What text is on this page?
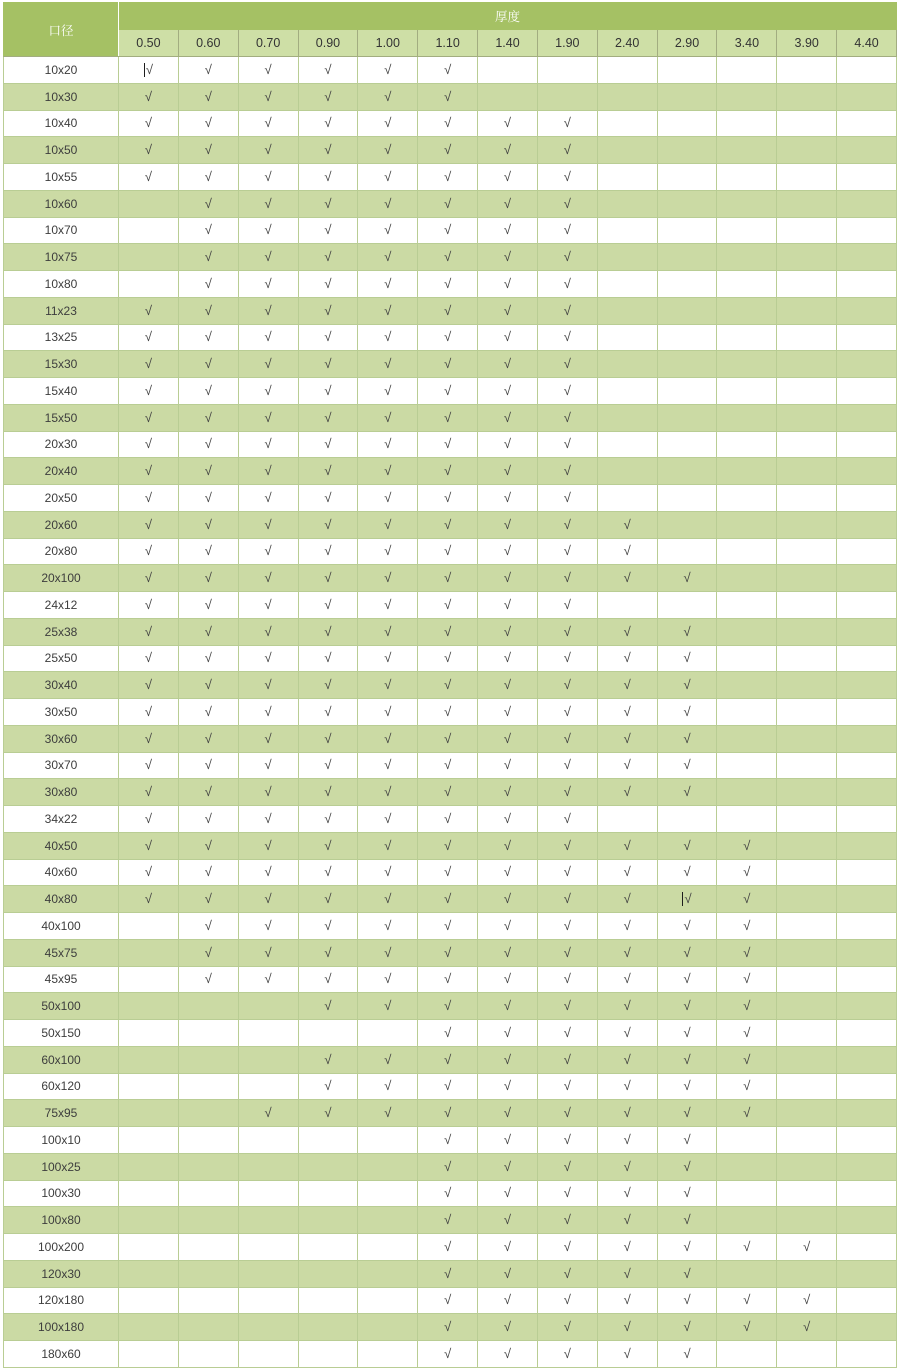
口径	厚度												
	0.50	0.60	0.70	0.90	1.00	1.10	1.40	1.90	2.40	2.90	3.40	3.90	4.40
10x20	√	√	√	√	√	√							
10x30	√	√	√	√	√	√							
10x40	√	√	√	√	√	√	√	√					
10x50	√	√	√	√	√	√	√	√					
10x55	√	√	√	√	√	√	√	√					
10x60		√	√	√	√	√	√	√					
10x70		√	√	√	√	√	√	√					
10x75		√	√	√	√	√	√	√					
10x80		√	√	√	√	√	√	√					
11x23	√	√	√	√	√	√	√	√					
13x25	√	√	√	√	√	√	√	√					
15x30	√	√	√	√	√	√	√	√					
15x40	√	√	√	√	√	√	√	√					
15x50	√	√	√	√	√	√	√	√					
20x30	√	√	√	√	√	√	√	√					
20x40	√	√	√	√	√	√	√	√					
20x50	√	√	√	√	√	√	√	√					
20x60	√	√	√	√	√	√	√	√	√				
20x80	√	√	√	√	√	√	√	√	√				
20x100	√	√	√	√	√	√	√	√	√	√			
24x12	√	√	√	√	√	√	√	√					
25x38	√	√	√	√	√	√	√	√	√	√			
25x50	√	√	√	√	√	√	√	√	√	√			
30x40	√	√	√	√	√	√	√	√	√	√			
30x50	√	√	√	√	√	√	√	√	√	√			
30x60	√	√	√	√	√	√	√	√	√	√			
30x70	√	√	√	√	√	√	√	√	√	√			
30x80	√	√	√	√	√	√	√	√	√	√			
34x22	√	√	√	√	√	√	√	√					
40x50	√	√	√	√	√	√	√	√	√	√	√		
40x60	√	√	√	√	√	√	√	√	√	√	√		
40x80	√	√	√	√	√	√	√	√	√	√	√		
40x100		√	√	√	√	√	√	√	√	√	√		
45x75		√	√	√	√	√	√	√	√	√	√		
45x95		√	√	√	√	√	√	√	√	√	√		
50x100				√	√	√	√	√	√	√	√		
50x150						√	√	√	√	√	√		
60x100				√	√	√	√	√	√	√	√		
60x120				√	√	√	√	√	√	√	√		
75x95			√	√	√	√	√	√	√	√	√		
100x10						√	√	√	√	√			
100x25						√	√	√	√	√			
100x30						√	√	√	√	√			
100x80						√	√	√	√	√			
100x200						√	√	√	√	√	√	√	
120x30						√	√	√	√	√			
120x180						√	√	√	√	√	√	√	
100x180						√	√	√	√	√	√	√	
180x60						√	√	√	√	√			
